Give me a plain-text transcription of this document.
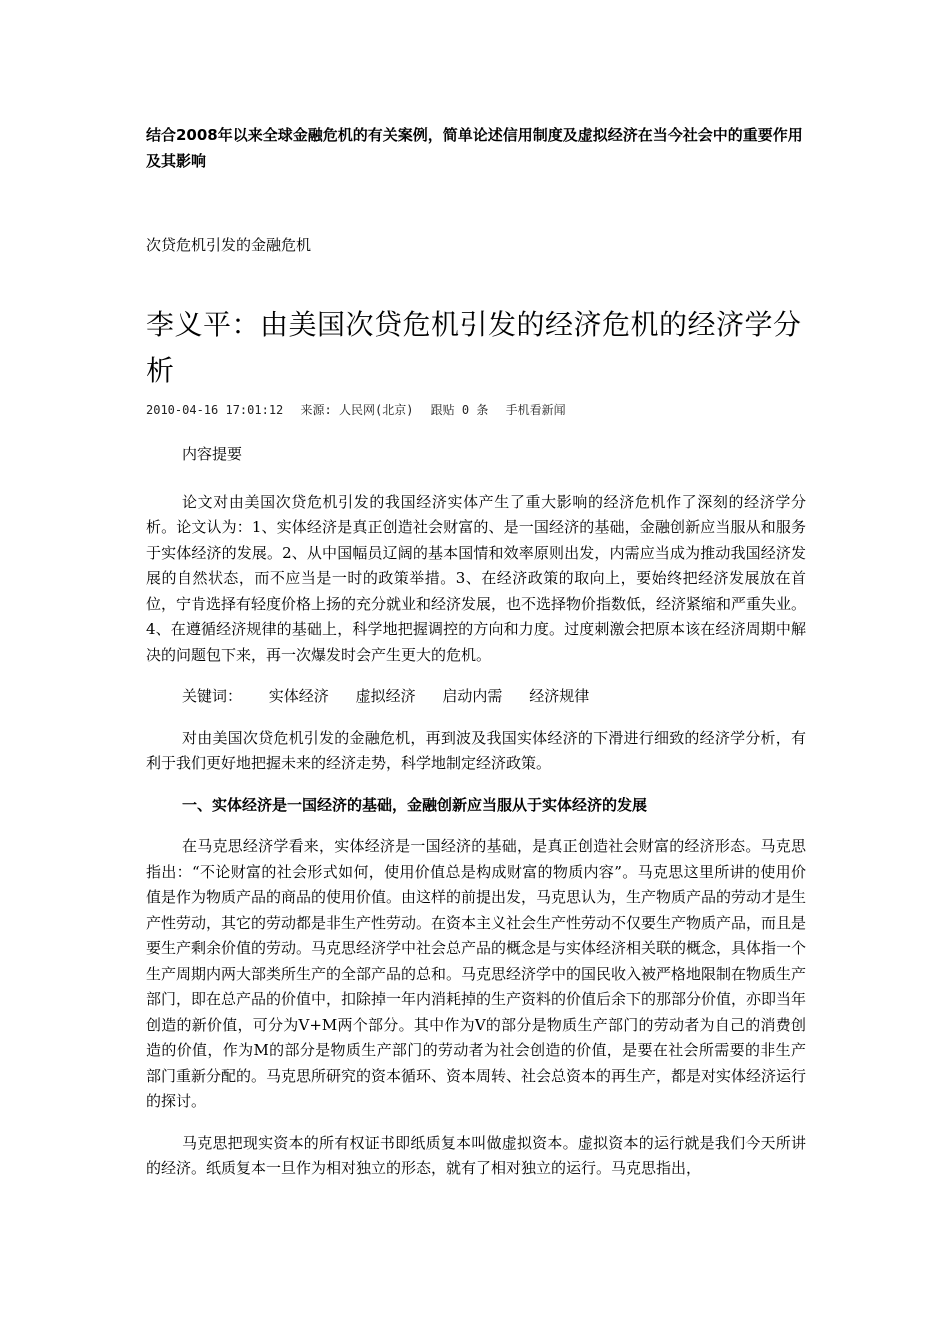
结合2008年以来全球金融危机的有关案例，简单论述信用制度及虚拟经济在当今社会中的重要作用及其影响

次贷危机引发的金融危机

李义平：由美国次贷危机引发的经济危机的经济学分析
2010-04-16 17:01:12 来源: 人民网(北京) 跟贴 0 条 手机看新闻

内容提要

论文对由美国次贷危机引发的我国经济实体产生了重大影响的经济危机作了深刻的经济学分析。论文认为：1、实体经济是真正创造社会财富的、是一国经济的基础，金融创新应当服从和服务于实体经济的发展。2、从中国幅员辽阔的基本国情和效率原则出发，内需应当成为推动我国经济发展的自然状态，而不应当是一时的政策举措。3、在经济政策的取向上，要始终把经济发展放在首位，宁肯选择有轻度价格上扬的充分就业和经济发展，也不选择物价指数低，经济紧缩和严重失业。4、在遵循经济规律的基础上，科学地把握调控的方向和力度。过度刺激会把原本该在经济周期中解决的问题包下来，再一次爆发时会产生更大的危机。

关键词： 实体经济 虚拟经济 启动内需 经济规律

对由美国次贷危机引发的金融危机，再到波及我国实体经济的下滑进行细致的经济学分析，有利于我们更好地把握未来的经济走势，科学地制定经济政策。

一、实体经济是一国经济的基础，金融创新应当服从于实体经济的发展

在马克思经济学看来，实体经济是一国经济的基础，是真正创造社会财富的经济形态。马克思指出：“不论财富的社会形式如何，使用价值总是构成财富的物质内容”。马克思这里所讲的使用价值是作为物质产品的商品的使用价值。由这样的前提出发，马克思认为，生产物质产品的劳动才是生产性劳动，其它的劳动都是非生产性劳动。在资本主义社会生产性劳动不仅要生产物质产品，而且是要生产剩余价值的劳动。马克思经济学中社会总产品的概念是与实体经济相关联的概念，具体指一个生产周期内两大部类所生产的全部产品的总和。马克思经济学中的国民收入被严格地限制在物质生产部门，即在总产品的价值中，扣除掉一年内消耗掉的生产资料的价值后余下的那部分价值，亦即当年创造的新价值，可分为V+M两个部分。其中作为V的部分是物质生产部门的劳动者为自己的消费创造的价值，作为M的部分是物质生产部门的劳动者为社会创造的价值，是要在社会所需要的非生产部门重新分配的。马克思所研究的资本循环、资本周转、社会总资本的再生产，都是对实体经济运行的探讨。

马克思把现实资本的所有权证书即纸质复本叫做虚拟资本。虚拟资本的运行就是我们今天所讲的经济。纸质复本一旦作为相对独立的形态，就有了相对独立的运行。马克思指出，
